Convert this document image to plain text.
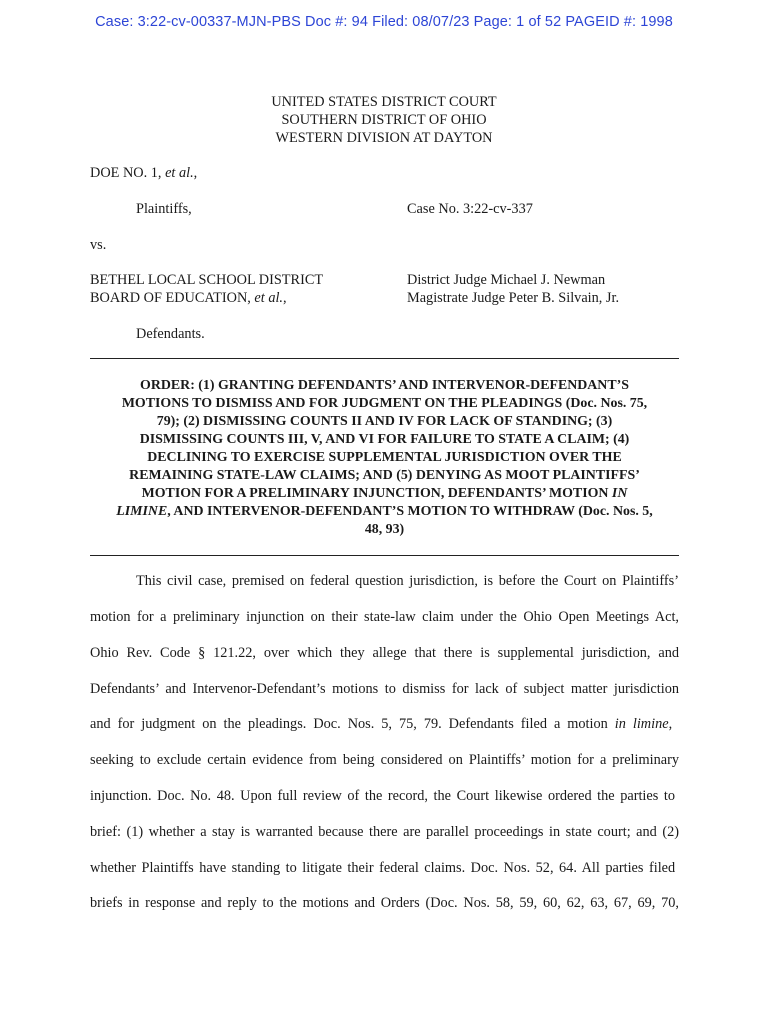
Case: 3:22-cv-00337-MJN-PBS Doc #: 94 Filed: 08/07/23 Page: 1 of 52 PAGEID #: 1998
UNITED STATES DISTRICT COURT
SOUTHERN DISTRICT OF OHIO
WESTERN DIVISION AT DAYTON
DOE NO. 1, et al.,
Plaintiffs,	Case No. 3:22-cv-337
vs.
BETHEL LOCAL SCHOOL DISTRICT	District Judge Michael J. Newman
BOARD OF EDUCATION, et al.,	Magistrate Judge Peter B. Silvain, Jr.
Defendants.
ORDER: (1) GRANTING DEFENDANTS’ AND INTERVENOR-DEFENDANT’S
MOTIONS TO DISMISS AND FOR JUDGMENT ON THE PLEADINGS (Doc. Nos. 75,
79); (2) DISMISSING COUNTS II AND IV FOR LACK OF STANDING; (3)
DISMISSING COUNTS III, V, AND VI FOR FAILURE TO STATE A CLAIM; (4)
DECLINING TO EXERCISE SUPPLEMENTAL JURISDICTION OVER THE
REMAINING STATE-LAW CLAIMS; AND (5) DENYING AS MOOT PLAINTIFFS’
MOTION FOR A PRELIMINARY INJUNCTION, DEFENDANTS’ MOTION IN
LIMINE, AND INTERVENOR-DEFENDANT’S MOTION TO WITHDRAW (Doc. Nos. 5,
48, 93)
This civil case, premised on federal question jurisdiction, is before the Court on Plaintiffs’
motion for a preliminary injunction on their state-law claim under the Ohio Open Meetings Act,
Ohio Rev. Code § 121.22, over which they allege that there is supplemental jurisdiction, and
Defendants’ and Intervenor-Defendant’s motions to dismiss for lack of subject matter jurisdiction
and for judgment on the pleadings. Doc. Nos. 5, 75, 79. Defendants filed a motion in limine,
seeking to exclude certain evidence from being considered on Plaintiffs’ motion for a preliminary
injunction. Doc. No. 48. Upon full review of the record, the Court likewise ordered the parties to
brief: (1) whether a stay is warranted because there are parallel proceedings in state court; and (2)
whether Plaintiffs have standing to litigate their federal claims. Doc. Nos. 52, 64. All parties filed
briefs in response and reply to the motions and Orders (Doc. Nos. 58, 59, 60, 62, 63, 67, 69, 70,
